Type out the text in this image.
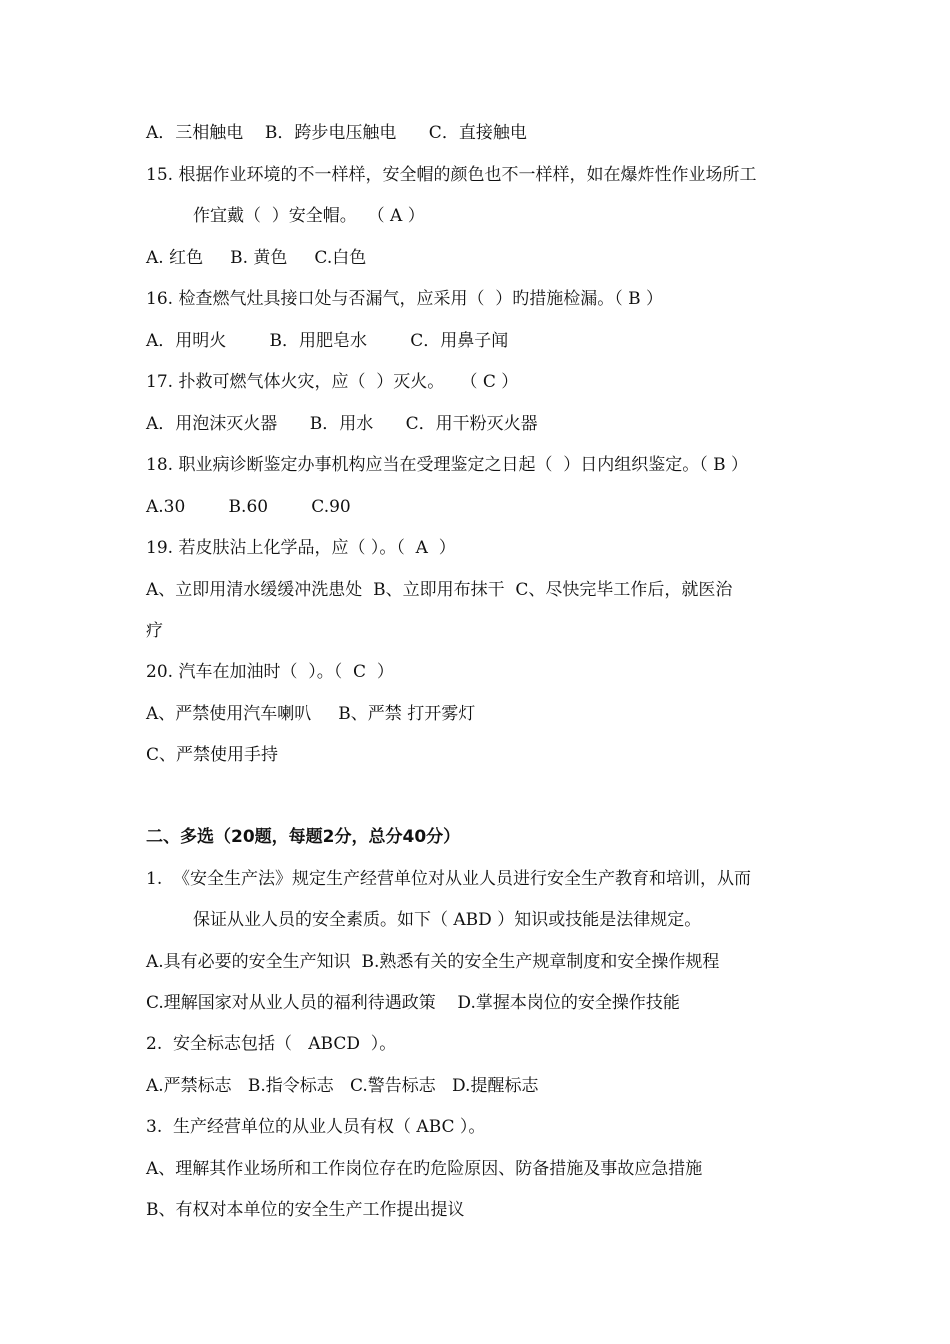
A．三相触电    B．跨步电压触电      C．直接触电
15. 根据作业环境的不一样样，安全帽的颜色也不一样样，如在爆炸性作业场所工
作宜戴（  ）安全帽。  （ A ）
A. 红色     B. 黄色     C.白色
16. 检查燃气灶具接口处与否漏气，应采用（  ）旳措施检漏。（ B ）
A．用明火        B．用肥皂水        C．用鼻子闻
17. 扑救可燃气体火灾，应（  ）灭火。   （ C ）
A．用泡沫灭火器      B．用水      C．用干粉灭火器
18. 职业病诊断鉴定办事机构应当在受理鉴定之日起（  ）日内组织鉴定。（ B ）
A.30        B.60        C.90
19. 若皮肤沾上化学品，应（ ）。（  A  ）
A、立即用清水缓缓冲洗患处  B、立即用布抹干  C、尽快完毕工作后，就医治
疗
20. 汽车在加油时（  ）。（  C  ）
A、严禁使用汽车喇叭     B、严禁 打开雾灯
C、严禁使用手持
二、多选（20题，每题2分，总分40分）
1.  《安全生产法》规定生产经营单位对从业人员进行安全生产教育和培训，从而
保证从业人员的安全素质。如下（ ABD ）知识或技能是法律规定。
A.具有必要的安全生产知识  B.熟悉有关的安全生产规章制度和安全操作规程
C.理解国家对从业人员的福利待遇政策    D.掌握本岗位的安全操作技能
2.  安全标志包括（   ABCD  ）。
A.严禁标志   B.指令标志   C.警告标志   D.提醒标志
3.  生产经营单位的从业人员有权（ ABC ）。
A、理解其作业场所和工作岗位存在旳危险原因、防备措施及事故应急措施
B、有权对本单位的安全生产工作提出提议
